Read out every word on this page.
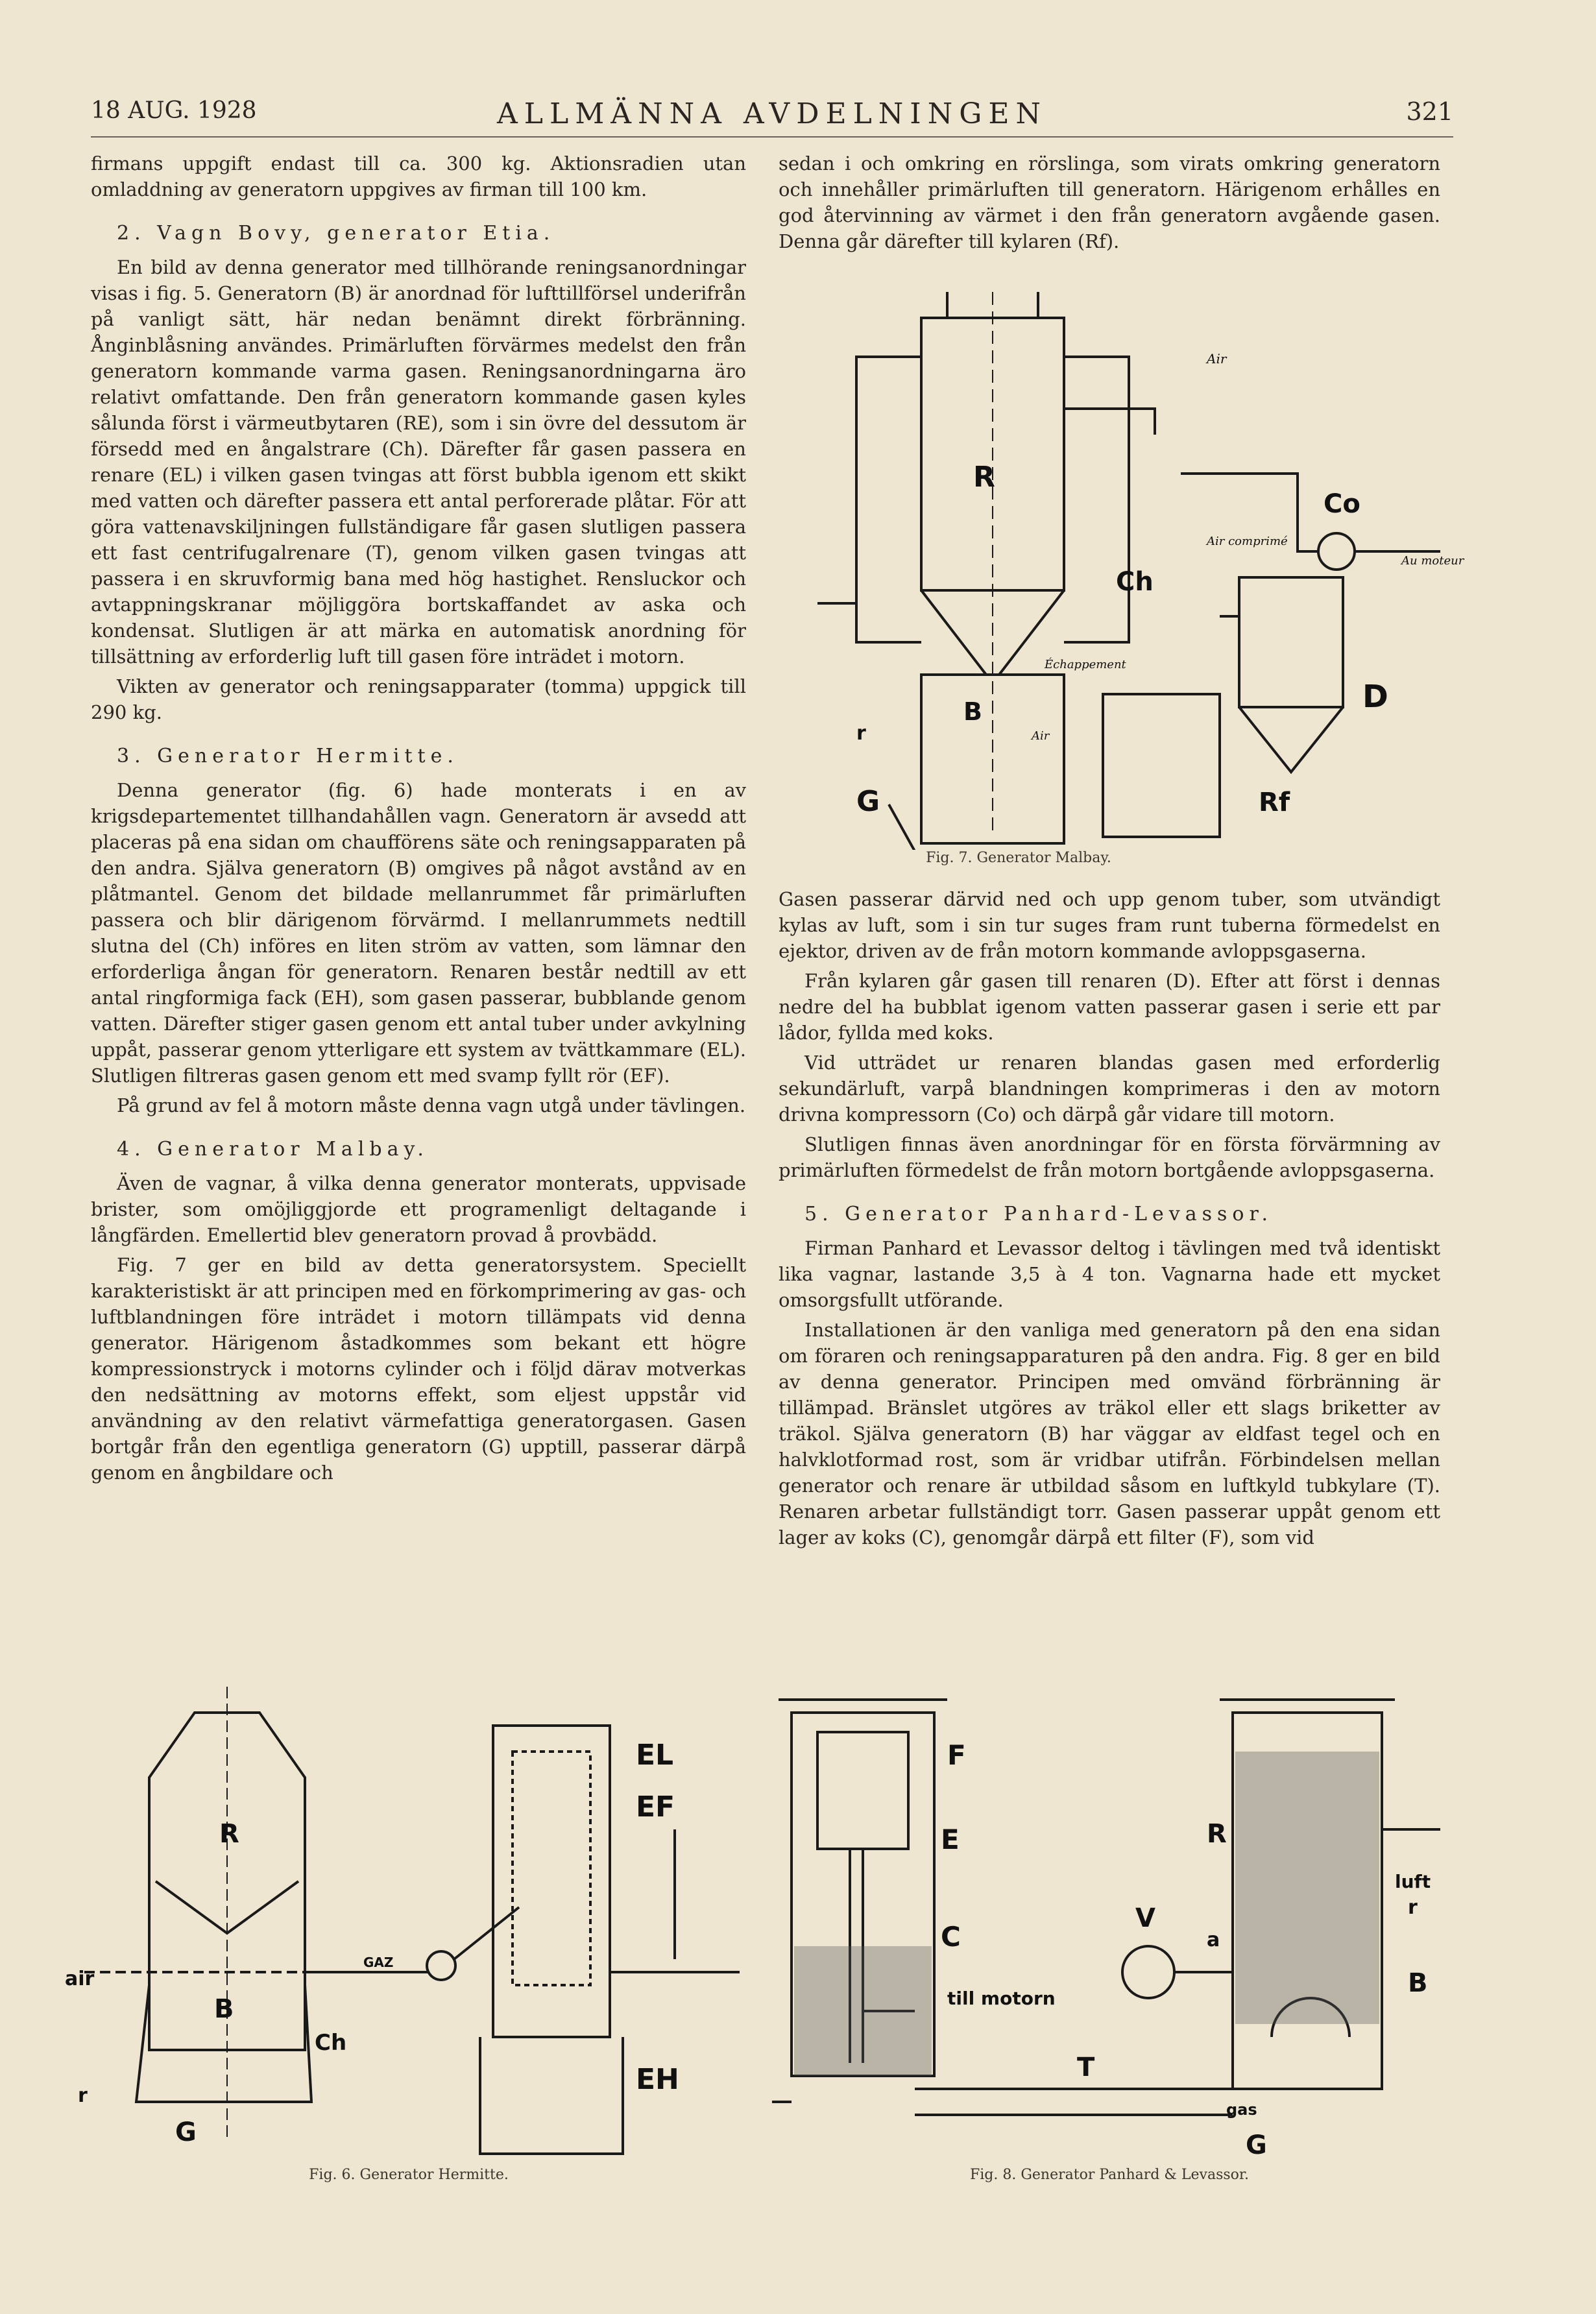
18 AUG. 1928	ALLMÄNNA AVDELNINGEN	321

firmans uppgift endast till ca. 300 kg. Aktionsradien utan omladdning av generatorn uppgives av firman till 100 km.

2. Vagn Bovy, generator Etia.

En bild av denna generator med tillhörande reningsanordningar visas i fig. 5. Generatorn (B) är anordnad för lufttillförsel underifrån på vanligt sätt, här nedan benämnt direkt förbränning. Ånginblåsning användes. Primärluften förvärmes medelst den från generatorn kommande varma gasen. Reningsanordningarna äro relativt omfattande. Den från generatorn kommande gasen kyles sålunda först i värmeutbytaren (RE), som i sin övre del dessutom är försedd med en ångalstrare (Ch). Därefter får gasen passera en renare (EL) i vilken gasen tvingas att först bubbla igenom ett skikt med vatten och därefter passera ett antal perforerade plåtar. För att göra vattenavskiljningen fullständigare får gasen slutligen passera ett fast centrifugalrenare (T), genom vilken gasen tvingas att passera i en skruvformig bana med hög hastighet. Rensluckor och avtappningskranar möjliggöra bortskaffandet av aska och kondensat. Slutligen är att märka en automatisk anordning för tillsättning av erforderlig luft till gasen före inträdet i motorn.

Vikten av generator och reningsapparater (tomma) uppgick till 290 kg.

3. Generator Hermitte.

Denna generator (fig. 6) hade monterats i en av krigsdepartementet tillhandahållen vagn. Generatorn är avsedd att placeras på ena sidan om chaufförens säte och reningsapparaten på den andra. Själva generatorn (B) omgives på något avstånd av en plåtmantel. Genom det bildade mellanrummet får primärluften passera och blir därigenom förvärmd. I mellanrummets nedtill slutna del (Ch) införes en liten ström av vatten, som lämnar den erforderliga ångan för generatorn. Renaren består nedtill av ett antal ringformiga fack (EH), som gasen passerar, bubblande genom vatten. Därefter stiger gasen genom ett antal tuber under avkylning uppåt, passerar genom ytterligare ett system av tvättkammare (EL). Slutligen filtreras gasen genom ett med svamp fyllt rör (EF).

På grund av fel å motorn måste denna vagn utgå under tävlingen.

4. Generator Malbay.

Även de vagnar, å vilka denna generator monterats, uppvisade brister, som omöjliggjorde ett programenligt deltagande i långfärden. Emellertid blev generatorn provad å provbädd.

Fig. 7 ger en bild av detta generatorsystem. Speciellt karakteristiskt är att principen med en förkomprimering av gas- och luftblandningen före inträdet i motorn tillämpats vid denna generator. Härigenom åstadkommes som bekant ett högre kompressionstryck i motorns cylinder och i följd därav motverkas den nedsättning av motorns effekt, som eljest uppstår vid användning av den relativt värmefattiga generatorgasen. Gasen bortgår från den egentliga generatorn (G) upptill, passerar därpå genom en ångbildare och

sedan i och omkring en rörslinga, som virats omkring generatorn och innehåller primärluften till generatorn. Härigenom erhålles en god återvinning av värmet i den från generatorn avgående gasen. Denna går därefter till kylaren (Rf).

R
Ch
Co
D
B
G
r
Rf
Air
Air comprimé
Au moteur
Échappement
Air
Fig. 7. Generator Malbay.

Gasen passerar därvid ned och upp genom tuber, som utvändigt kylas av luft, som i sin tur suges fram runt tuberna förmedelst en ejektor, driven av de från motorn kommande avloppsgaserna.

Från kylaren går gasen till renaren (D). Efter att först i dennas nedre del ha bubblat igenom vatten passerar gasen i serie ett par lådor, fyllda med koks.

Vid utträdet ur renaren blandas gasen med erforderlig sekundärluft, varpå blandningen komprimeras i den av motorn drivna kompressorn (Co) och därpå går vidare till motorn.

Slutligen finnas även anordningar för en första förvärmning av primärluften förmedelst de från motorn bortgående avloppsgaserna.

5. Generator Panhard-Levassor.

Firman Panhard et Levassor deltog i tävlingen med två identiskt lika vagnar, lastande 3,5 à 4 ton. Vagnarna hade ett mycket omsorgsfullt utförande.

Installationen är den vanliga med generatorn på den ena sidan om föraren och reningsapparaturen på den andra. Fig. 8 ger en bild av denna generator. Principen med omvänd förbränning är tillämpad. Bränslet utgöres av träkol eller ett slags briketter av träkol. Själva generatorn (B) har väggar av eldfast tegel och en halvklotformad rost, som är vridbar utifrån. Förbindelsen mellan generator och renare är utbildad såsom en luftkyld tubkylare (T). Renaren arbetar fullständigt torr. Gasen passerar uppåt genom ett lager av koks (C), genomgår därpå ett filter (F), som vid

R
B
Ch
EL
EF
EH
air
r
G
GAZ
Fig. 6. Generator Hermitte.
F
E
C
R
V
a
luft
r
B
till motorn
T
gas
G
Fig. 8. Generator Panhard & Levassor.
